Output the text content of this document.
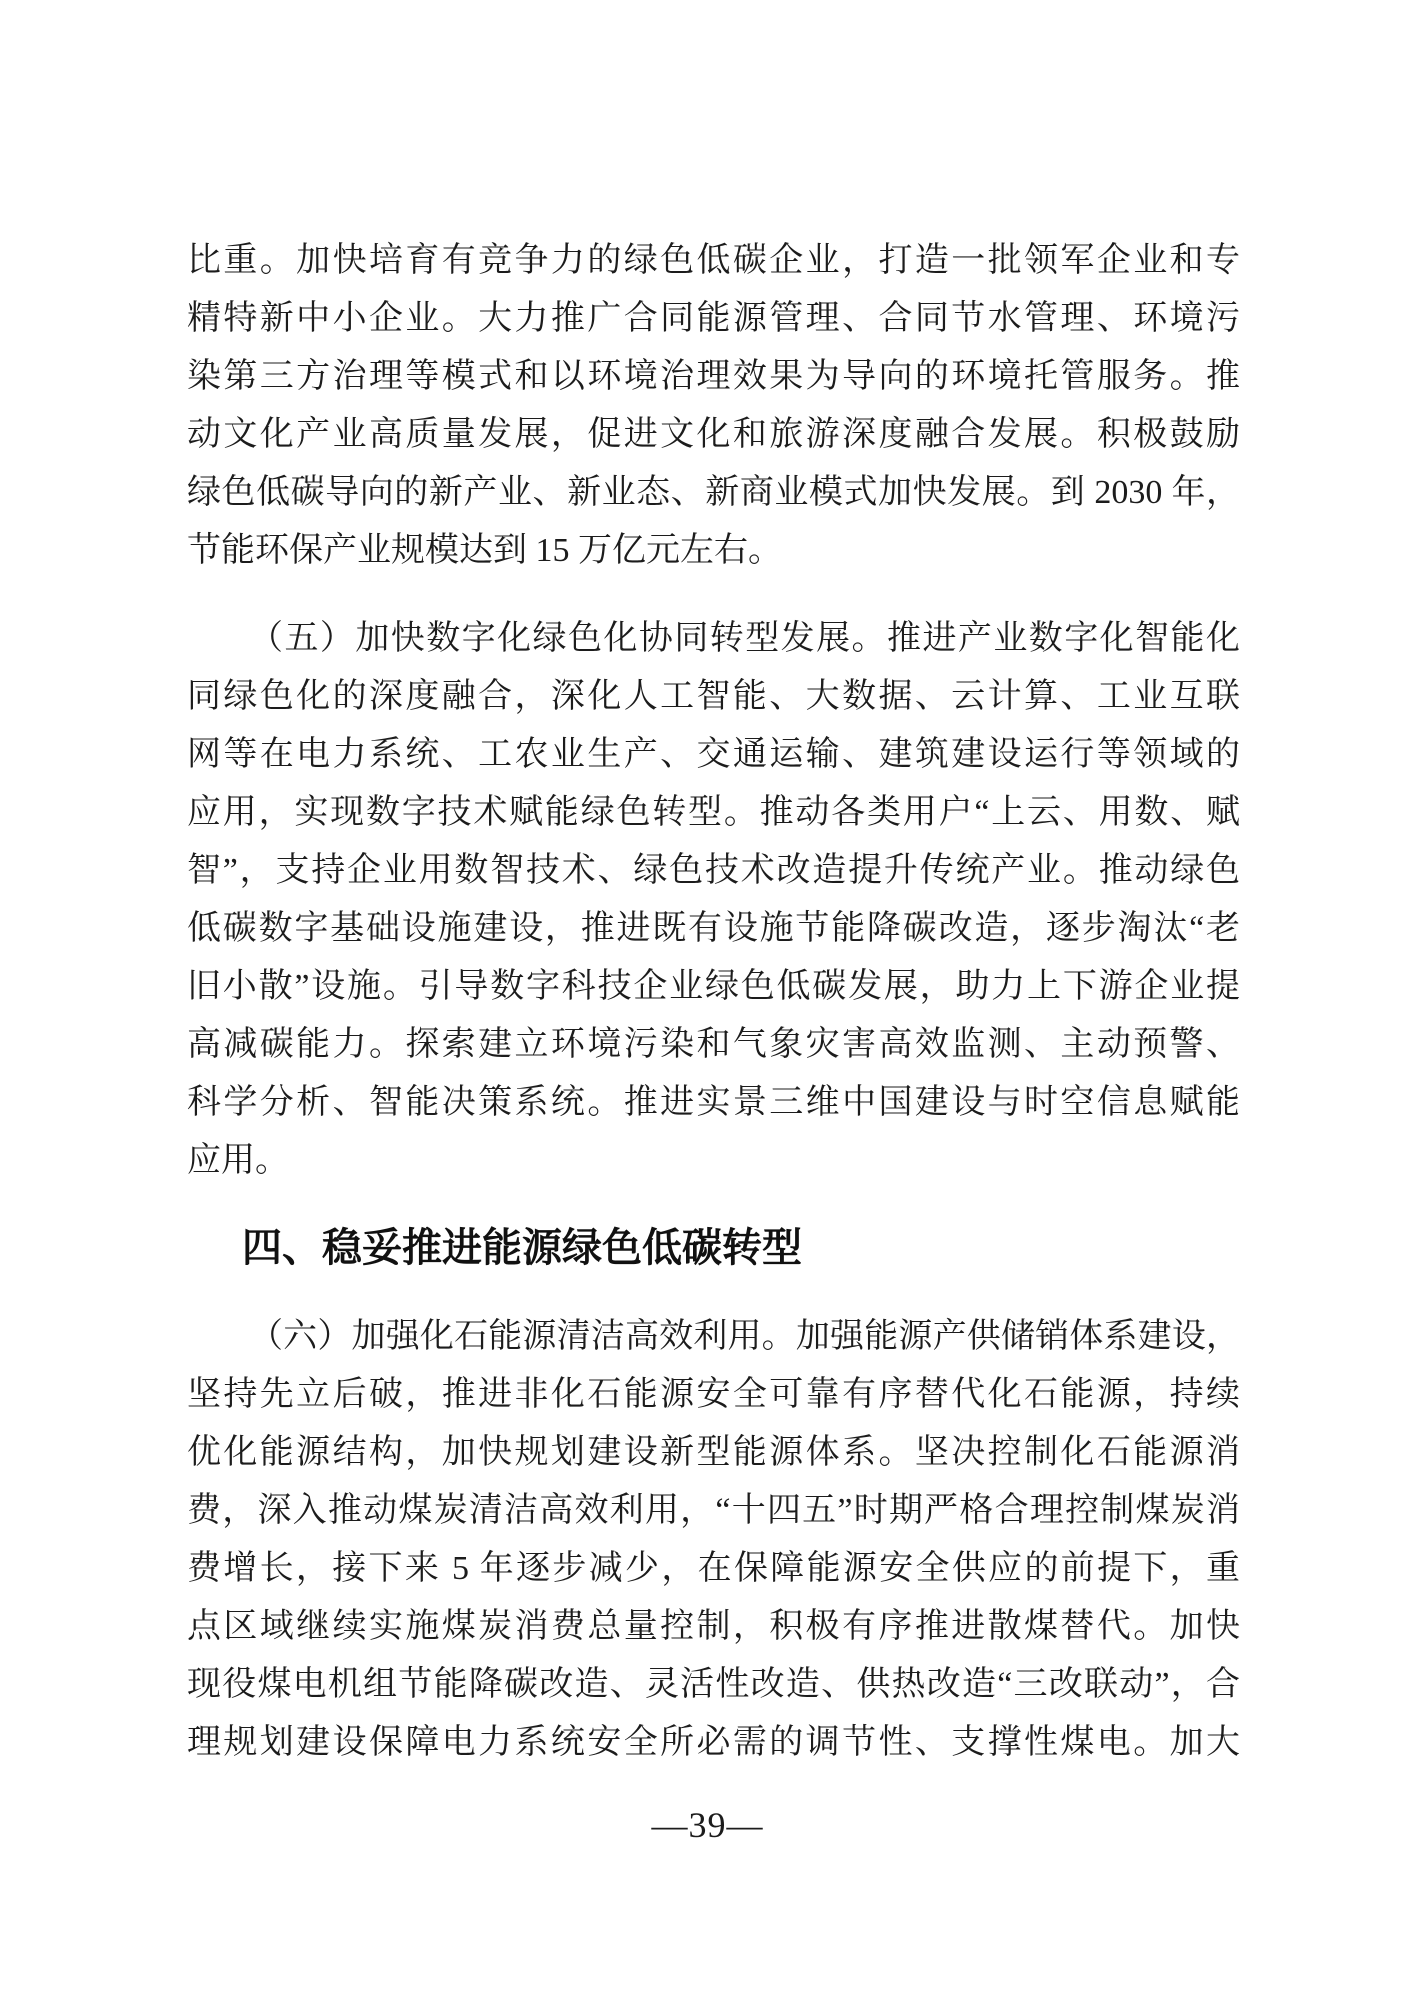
比重。加快培育有竞争力的绿色低碳企业，打造一批领军企业和专

精特新中小企业。大力推广合同能源管理、合同节水管理、环境污

染第三方治理等模式和以环境治理效果为导向的环境托管服务。推

动文化产业高质量发展，促进文化和旅游深度融合发展。积极鼓励

绿色低碳导向的新产业、新业态、新商业模式加快发展。到 2030 年，

节能环保产业规模达到 15 万亿元左右。

（五）加快数字化绿色化协同转型发展。推进产业数字化智能化

同绿色化的深度融合，深化人工智能、大数据、云计算、工业互联

网等在电力系统、工农业生产、交通运输、建筑建设运行等领域的

应用，实现数字技术赋能绿色转型。推动各类用户“上云、用数、赋

智”，支持企业用数智技术、绿色技术改造提升传统产业。推动绿色

低碳数字基础设施建设，推进既有设施节能降碳改造，逐步淘汰“老

旧小散”设施。引导数字科技企业绿色低碳发展，助力上下游企业提

高减碳能力。探索建立环境污染和气象灾害高效监测、主动预警、

科学分析、智能决策系统。推进实景三维中国建设与时空信息赋能

应用。

四、稳妥推进能源绿色低碳转型

（六）加强化石能源清洁高效利用。加强能源产供储销体系建设，

坚持先立后破，推进非化石能源安全可靠有序替代化石能源，持续

优化能源结构，加快规划建设新型能源体系。坚决控制化石能源消

费，深入推动煤炭清洁高效利用，“十四五”时期严格合理控制煤炭消

费增长，接下来 5 年逐步减少，在保障能源安全供应的前提下，重

点区域继续实施煤炭消费总量控制，积极有序推进散煤替代。加快

现役煤电机组节能降碳改造、灵活性改造、供热改造“三改联动”，合

理规划建设保障电力系统安全所必需的调节性、支撑性煤电。加大

—39—
